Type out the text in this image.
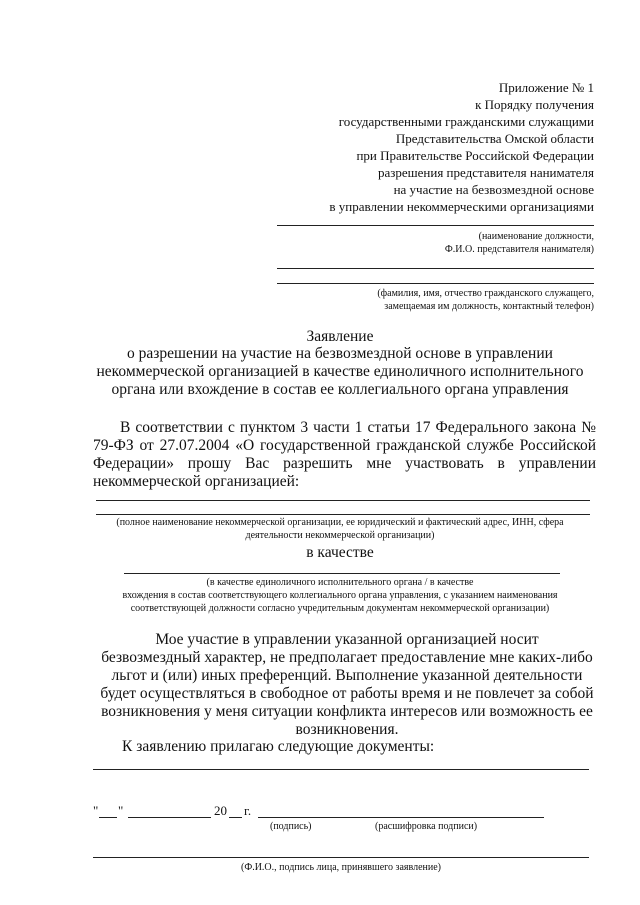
Приложение № 1
к Порядку получения
государственными гражданскими служащими
Представительства Омской области
при Правительстве Российской Федерации
разрешения представителя нанимателя
на участие на безвозмездной основе
в управлении некоммерческими организациями
(наименование должности,
Ф.И.О. представителя нанимателя)
(фамилия, имя, отчество гражданского служащего,
замещаемая им должность, контактный телефон)
Заявление
о разрешении на участие на безвозмездной основе в управлении
некоммерческой организацией в качестве единоличного исполнительного
органа или вхождение в состав ее коллегиального органа управления
В соответствии с пунктом 3 части 1 статьи 17 Федерального закона №
79-ФЗ от 27.07.2004 «О государственной гражданской службе Российской
Федерации» прошу Вас разрешить мне участвовать в управлении
некоммерческой организацией:
(полное наименование некоммерческой организации, ее юридический и фактический адрес, ИНН, сфера
деятельности некоммерческой организации)
в качестве
(в качестве единоличного исполнительного органа / в качестве
вхождения в состав соответствующего коллегиального органа управления, с указанием наименования
соответствующей должности согласно учредительным документам некоммерческой организации)
Мое участие в управлении указанной организацией носит
безвозмездный характер, не предполагает предоставление мне каких-либо
льгот и (или) иных преференций. Выполнение указанной деятельности
будет осуществляться в свободное от работы время и не повлечет за собой
возникновения у меня ситуации конфликта интересов или возможность ее
возникновения.
К заявлению прилагаю следующие документы:
" "	20 г.
(подпись)	(расшифровка подписи)
(Ф.И.О., подпись лица, принявшего заявление)
